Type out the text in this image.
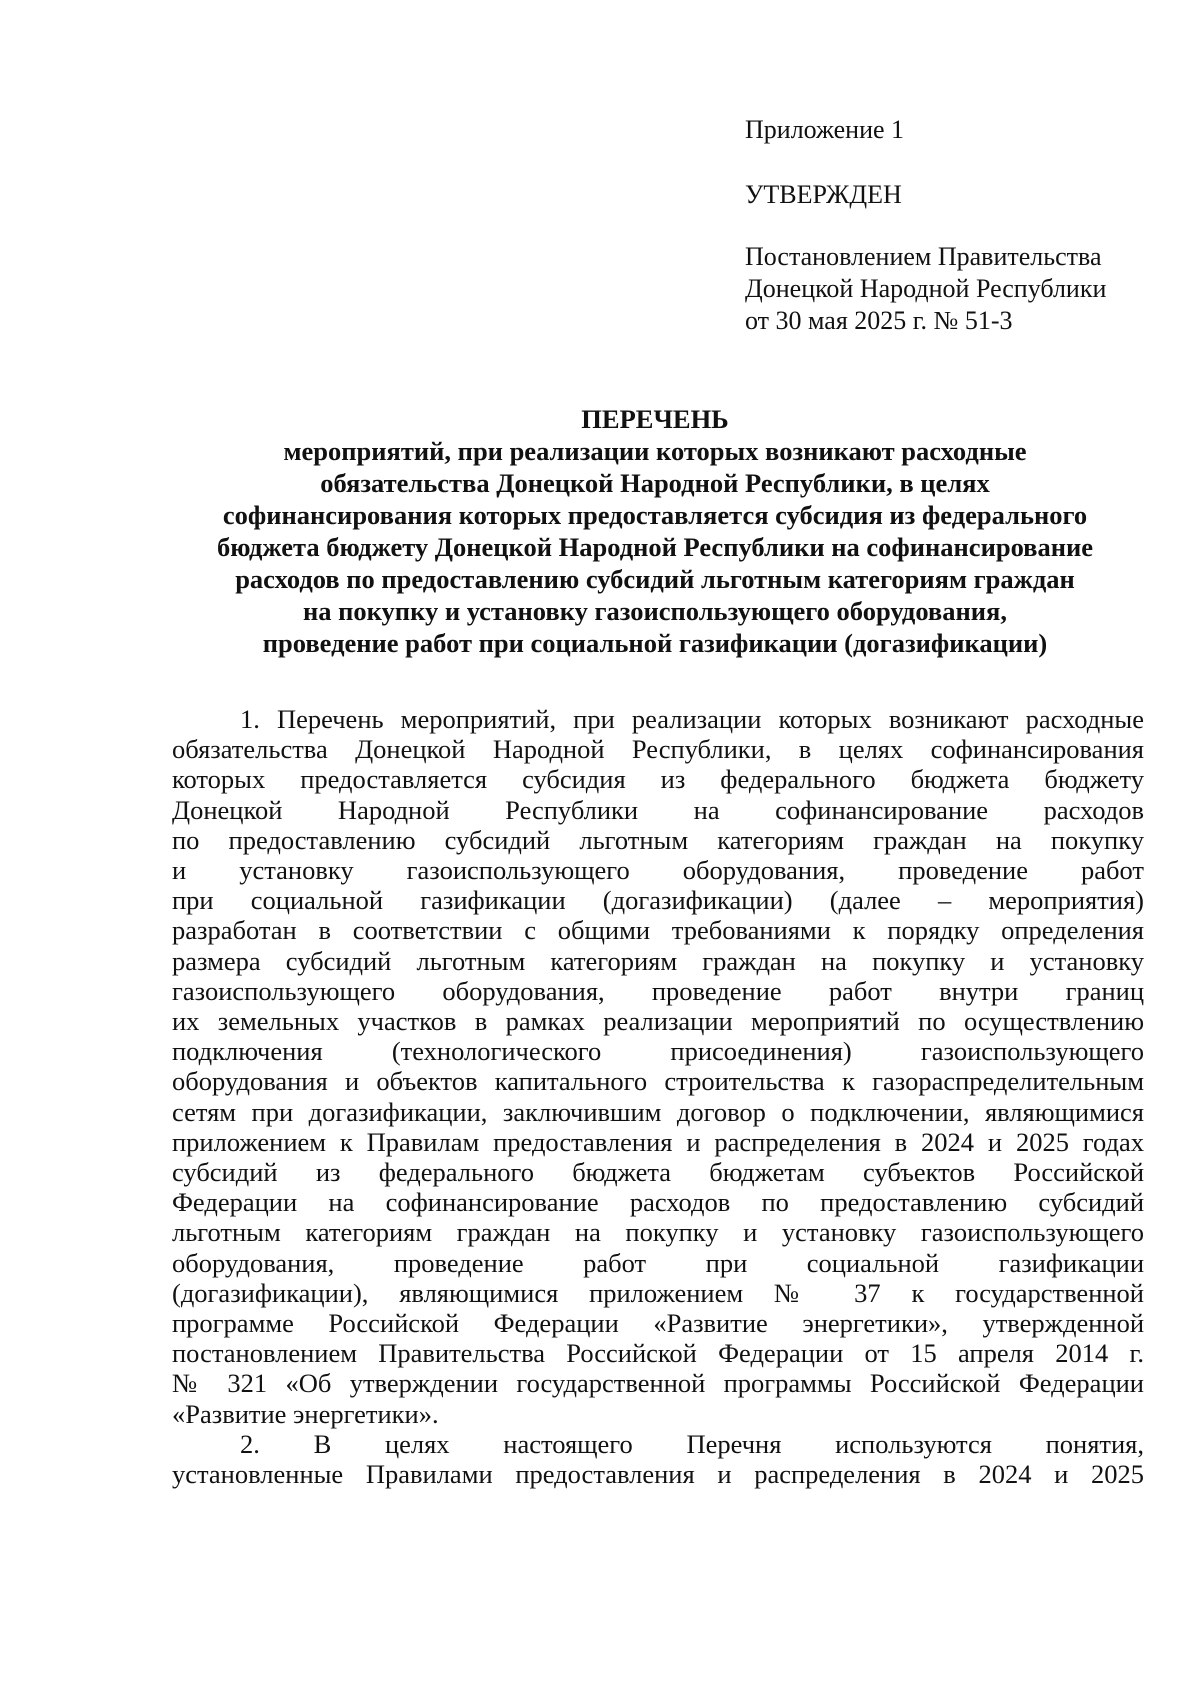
Приложение 1
УТВЕРЖДЕН
Постановлением Правительства
Донецкой Народной Республики
от 30 мая 2025 г. № 51-3
ПЕРЕЧЕНЬ
мероприятий, при реализации которых возникают расходные
обязательства Донецкой Народной Республики, в целях
софинансирования которых предоставляется субсидия из федерального
бюджета бюджету Донецкой Народной Республики на софинансирование
расходов по предоставлению субсидий льготным категориям граждан
на покупку и установку газоиспользующего оборудования,
проведение работ при социальной газификации (догазификации)
1. Перечень мероприятий, при реализации которых возникают расходные
обязательства Донецкой Народной Республики, в целях софинансирования
которых предоставляется субсидия из федерального бюджета бюджету
Донецкой Народной Республики на софинансирование расходов
по предоставлению субсидий льготным категориям граждан на покупку
и установку газоиспользующего оборудования, проведение работ
при социальной газификации (догазификации) (далее – мероприятия)
разработан в соответствии с общими требованиями к порядку определения
размера субсидий льготным категориям граждан на покупку и установку
газоиспользующего оборудования, проведение работ внутри границ
их земельных участков в рамках реализации мероприятий по осуществлению
подключения (технологического присоединения) газоиспользующего
оборудования и объектов капитального строительства к газораспределительным
сетям при догазификации, заключившим договор о подключении, являющимися
приложением к Правилам предоставления и распределения в 2024 и 2025 годах
субсидий из федерального бюджета бюджетам субъектов Российской
Федерации на софинансирование расходов по предоставлению субсидий
льготным категориям граждан на покупку и установку газоиспользующего
оборудования, проведение работ при социальной газификации
(догазификации), являющимися приложением № 37 к государственной
программе Российской Федерации «Развитие энергетики», утвержденной
постановлением Правительства Российской Федерации от 15 апреля 2014 г.
№ 321 «Об утверждении государственной программы Российской Федерации
«Развитие энергетики».
2. В целях настоящего Перечня используются понятия,
установленные Правилами предоставления и распределения в 2024 и 2025
